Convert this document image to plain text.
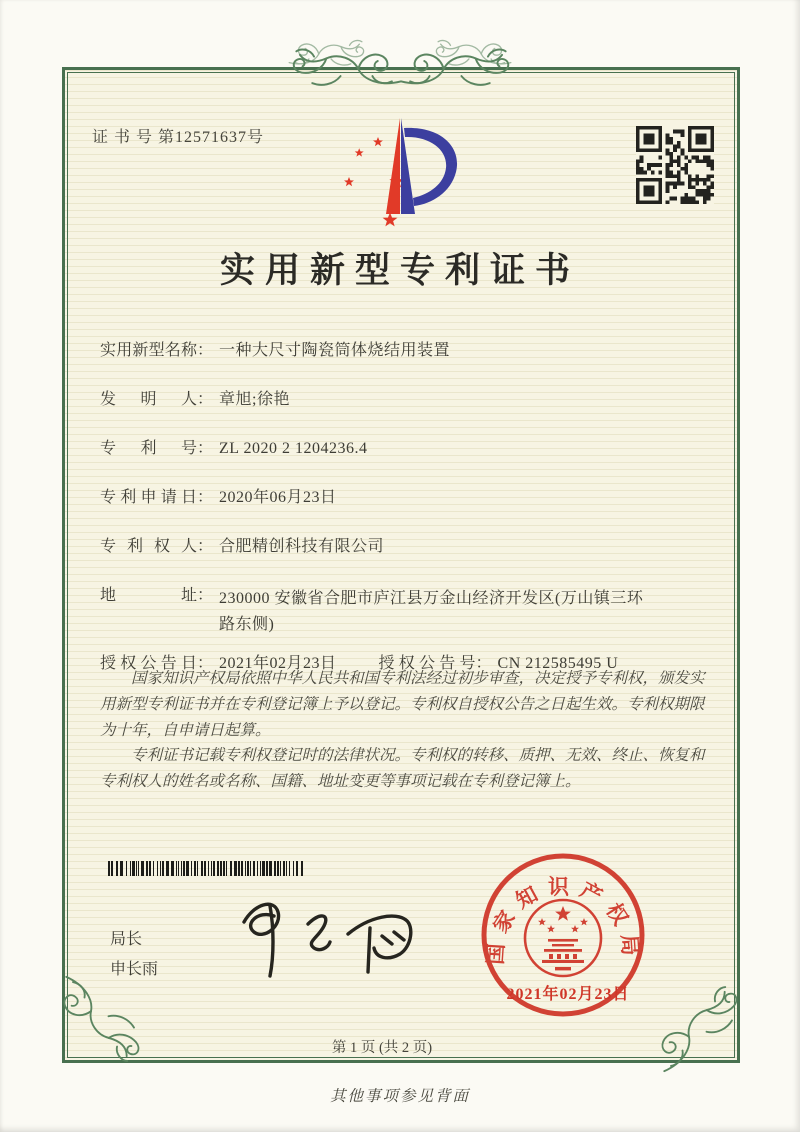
证 书 号 第12571637号
实用新型专利证书
实用新型名称 ： 一种大尺寸陶瓷筒体烧结用装置
发明人 ： 章旭;徐艳
专利号 ： ZL 2020 2 1204236.4
专利申请日 ： 2020年06月23日
专利权人 ： 合肥精创科技有限公司
地址 ： 230000 安徽省合肥市庐江县万金山经济开发区(万山镇三环路东侧)
授权公告日 ： 2021年02月23日	授权公告号 ： CN 212585495 U

国家知识产权局依照中华人民共和国专利法经过初步审查，决定授予专利权，颁发实用新型专利证书并在专利登记簿上予以登记。专利权自授权公告之日起生效。专利权期限为十年，自申请日起算。

专利证书记载专利权登记时的法律状况。专利权的转移、质押、无效、终止、恢复和专利权人的姓名或名称、国籍、地址变更等事项记载在专利登记簿上。

局长
申长雨
国家知识产权局
2021年02月23日
第 1 页 (共 2 页)
其他事项参见背面
